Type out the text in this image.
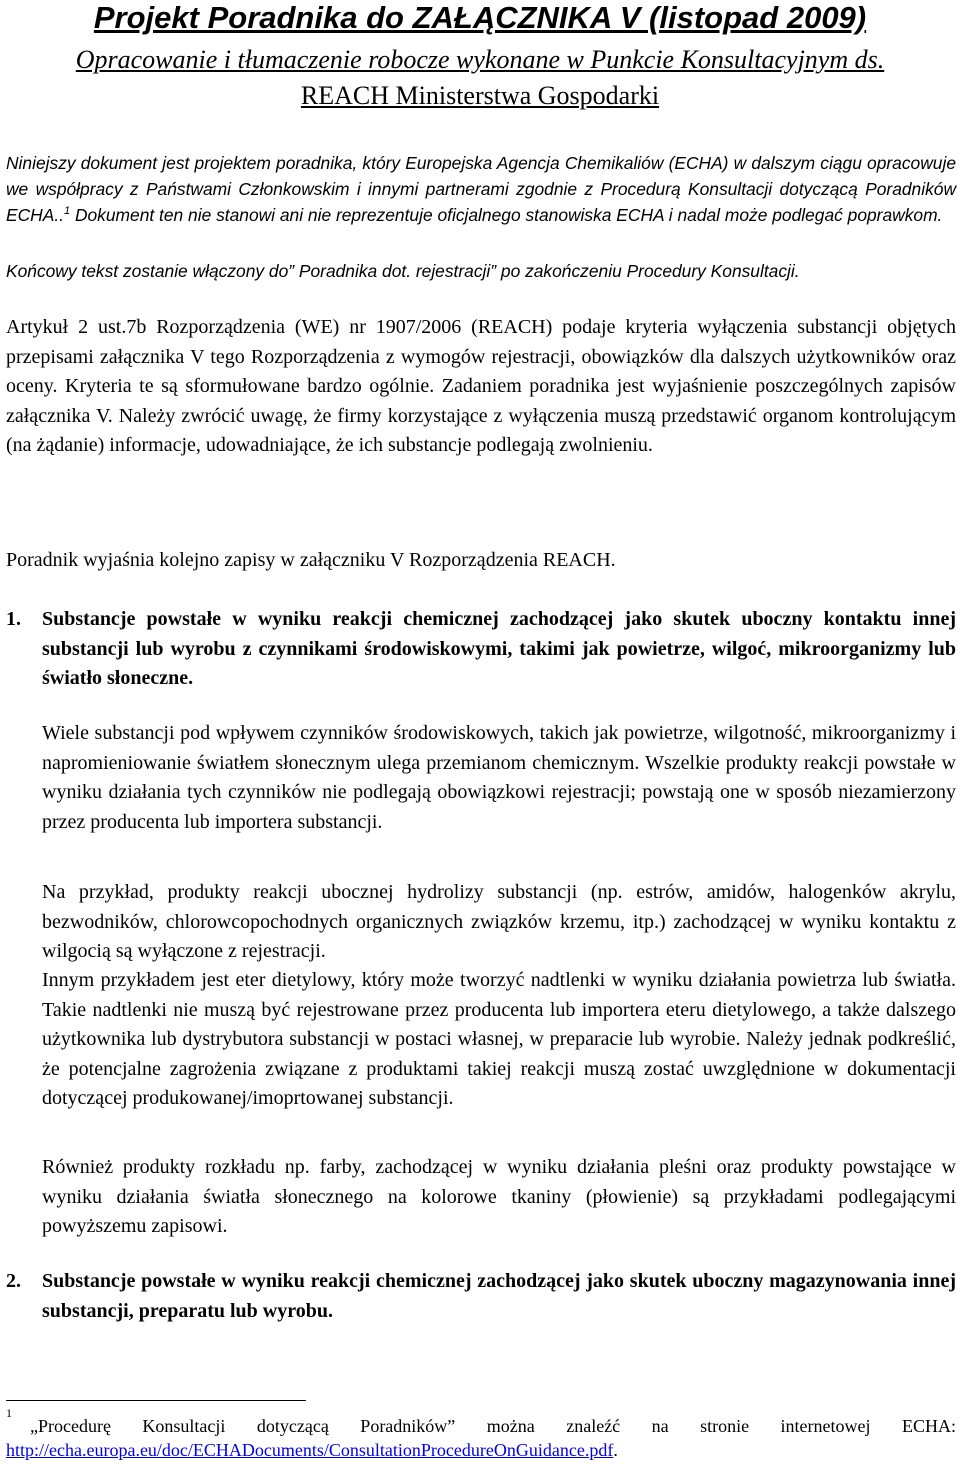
Projekt Poradnika do ZAŁĄCZNIKA V (listopad 2009)
Opracowanie i tłumaczenie robocze wykonane w Punkcie Konsultacyjnym ds.
REACH Ministerstwa Gospodarki

Niniejszy dokument jest projektem poradnika, który Europejska Agencja Chemikaliów (ECHA) w dalszym ciągu opracowuje we współpracy z Państwami Członkowskim i innymi partnerami zgodnie z Procedurą Konsultacji dotyczącą Poradników ECHA..$^1$ Dokument ten nie stanowi ani nie reprezentuje oficjalnego stanowiska ECHA i nadal może podlegać poprawkom.

Końcowy tekst zostanie włączony do” Poradnika dot. rejestracji” po zakończeniu Procedury Konsultacji.

Artykuł 2 ust.7b Rozporządzenia (WE) nr 1907/2006 (REACH) podaje kryteria wyłączenia substancji objętych przepisami załącznika V tego Rozporządzenia z wymogów rejestracji, obowiązków dla dalszych użytkowników oraz oceny. Kryteria te są sformułowane bardzo ogólnie. Zadaniem poradnika jest wyjaśnienie poszczególnych zapisów załącznika V. Należy zwrócić uwagę, że firmy korzystające z wyłączenia muszą przedstawić organom kontrolującym (na żądanie) informacje, udowadniające, że ich substancje podlegają zwolnieniu.

Poradnik wyjaśnia kolejno zapisy w załączniku V Rozporządzenia REACH.

1. Substancje powstałe w wyniku reakcji chemicznej zachodzącej jako skutek uboczny kontaktu innej substancji lub wyrobu z czynnikami środowiskowymi, takimi jak powietrze, wilgoć, mikroorganizmy lub światło słoneczne.

Wiele substancji pod wpływem czynników środowiskowych, takich jak powietrze, wilgotność, mikroorganizmy i napromieniowanie światłem słonecznym ulega przemianom chemicznym. Wszelkie produkty reakcji powstałe w wyniku działania tych czynników nie podlegają obowiązkowi rejestracji; powstają one w sposób niezamierzony przez producenta lub importera substancji.

Na przykład, produkty reakcji ubocznej hydrolizy substancji (np. estrów, amidów, halogenków akrylu, bezwodników, chlorowcopochodnych organicznych związków krzemu, itp.) zachodzącej w wyniku kontaktu z wilgocią są wyłączone z rejestracji.

Innym przykładem jest eter dietylowy, który może tworzyć nadtlenki w wyniku działania powietrza lub światła. Takie nadtlenki nie muszą być rejestrowane przez producenta lub importera eteru dietylowego, a także dalszego użytkownika lub dystrybutora substancji w postaci własnej, w preparacie lub wyrobie. Należy jednak podkreślić, że potencjalne zagrożenia związane z produktami takiej reakcji muszą zostać uwzględnione w dokumentacji dotyczącej produkowanej/imoprtowanej substancji.

Również produkty rozkładu np. farby, zachodzącej w wyniku działania pleśni oraz produkty powstające w wyniku działania światła słonecznego na kolorowe tkaniny (płowienie) są przykładami podlegającymi powyższemu zapisowi.

2. Substancje powstałe w wyniku reakcji chemicznej zachodzącej jako skutek uboczny magazynowania innej substancji, preparatu lub wyrobu.

1

„Procedurę Konsultacji dotyczącą Poradników” można znaleźć na stronie internetowej ECHA: http://echa.europa.eu/doc/ECHADocuments/ConsultationProcedureOnGuidance.pdf.
